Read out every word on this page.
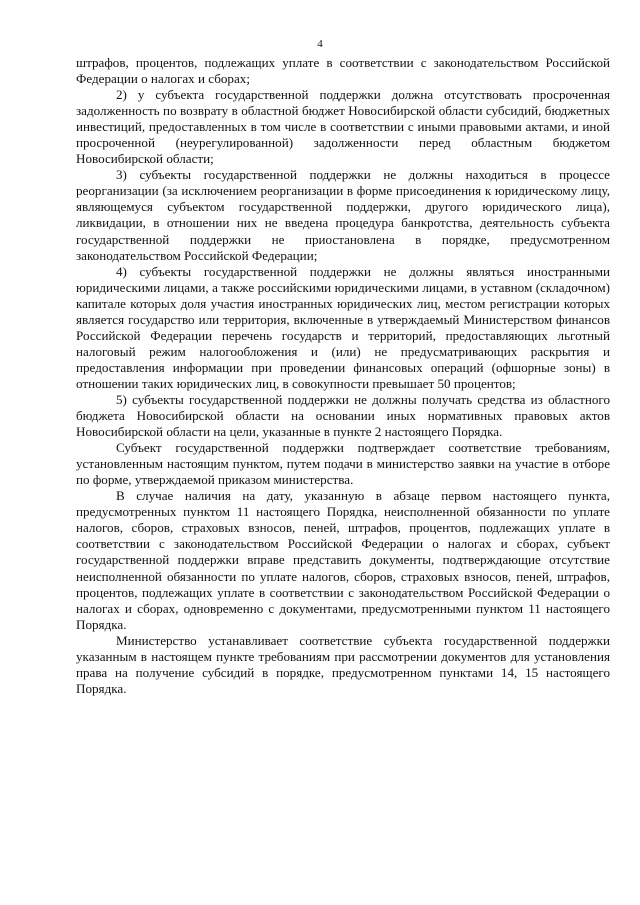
4

штрафов, процентов, подлежащих уплате в соответствии с законодательством Российской Федерации о налогах и сборах;

2) у субъекта государственной поддержки должна отсутствовать просроченная задолженность по возврату в областной бюджет Новосибирской области субсидий, бюджетных инвестиций, предоставленных в том числе в соответствии с иными правовыми актами, и иной просроченной (неурегулированной) задолженности перед областным бюджетом Новосибирской области;

3) субъекты государственной поддержки не должны находиться в процессе реорганизации (за исключением реорганизации в форме присоединения к юридическому лицу, являющемуся субъектом государственной поддержки, другого юридического лица), ликвидации, в отношении них не введена процедура банкротства, деятельность субъекта государственной поддержки не приостановлена в порядке, предусмотренном законодательством Российской Федерации;

4) субъекты государственной поддержки не должны являться иностранными юридическими лицами, а также российскими юридическими лицами, в уставном (складочном) капитале которых доля участия иностранных юридических лиц, местом регистрации которых является государство или территория, включенные в утверждаемый Министерством финансов Российской Федерации перечень государств и территорий, предоставляющих льготный налоговый режим налогообложения и (или) не предусматривающих раскрытия и предоставления информации при проведении финансовых операций (офшорные зоны) в отношении таких юридических лиц, в совокупности превышает 50 процентов;

5) субъекты государственной поддержки не должны получать средства из областного бюджета Новосибирской области на основании иных нормативных правовых актов Новосибирской области на цели, указанные в пункте 2 настоящего Порядка.

Субъект государственной поддержки подтверждает соответствие требованиям, установленным настоящим пунктом, путем подачи в министерство заявки на участие в отборе по форме, утверждаемой приказом министерства.

В случае наличия на дату, указанную в абзаце первом настоящего пункта, предусмотренных пунктом 11 настоящего Порядка, неисполненной обязанности по уплате налогов, сборов, страховых взносов, пеней, штрафов, процентов, подлежащих уплате в соответствии с законодательством Российской Федерации о налогах и сборах, субъект государственной поддержки вправе представить документы, подтверждающие отсутствие неисполненной обязанности по уплате налогов, сборов, страховых взносов, пеней, штрафов, процентов, подлежащих уплате в соответствии с законодательством Российской Федерации о налогах и сборах, одновременно с документами, предусмотренными пунктом 11 настоящего Порядка.

Министерство устанавливает соответствие субъекта государственной поддержки указанным в настоящем пункте требованиям при рассмотрении документов для установления права на получение субсидий в порядке, предусмотренном пунктами 14, 15 настоящего Порядка.
